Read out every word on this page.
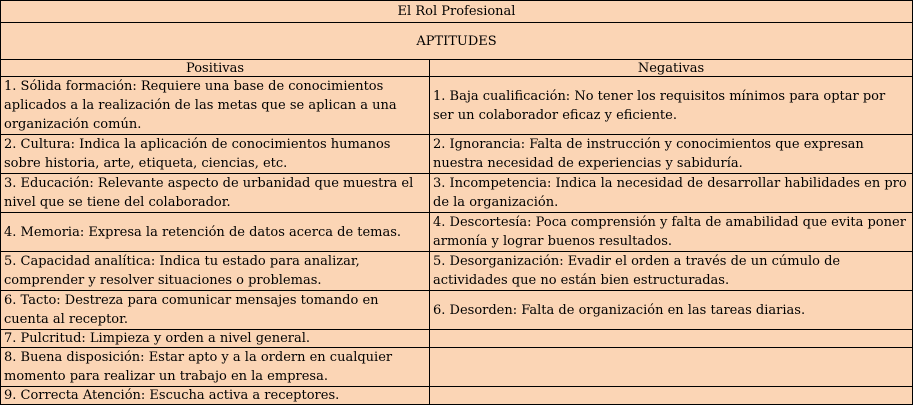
El Rol Profesional	
APTITUDES	
Positivas	Negativas
1. Sólida formación: Requiere una base de conocimientos aplicados a la realización de las metas que se aplican a una organización común.	1. Baja cualificación: No tener los requisitos mínimos para optar por ser un colaborador eficaz y eficiente.
2. Cultura: Indica la aplicación de conocimientos humanos sobre historia, arte, etiqueta, ciencias, etc.	2. Ignorancia: Falta de instrucción y conocimientos que expresan nuestra necesidad de experiencias y sabiduría.
3. Educación: Relevante aspecto de urbanidad que muestra el nivel que se tiene del colaborador.	3. Incompetencia: Indica la necesidad de desarrollar habilidades en pro de la organización.
4. Memoria: Expresa la retención de datos acerca de temas.	4. Descortesía: Poca comprensión y falta de amabilidad que evita poner armonía y lograr buenos resultados.
5. Capacidad analítica: Indica tu estado para analizar, comprender y resolver situaciones o problemas.	5. Desorganización: Evadir el orden a través de un cúmulo de actividades que no están bien estructuradas.
6. Tacto: Destreza para comunicar mensajes tomando en cuenta al receptor.	6. Desorden: Falta de organización en las tareas diarias.
7. Pulcritud: Limpieza y orden a nivel general.	
8. Buena disposición: Estar apto y a la ordern en cualquier momento para realizar un trabajo en la empresa.	
9. Correcta Atención: Escucha activa a receptores.	
